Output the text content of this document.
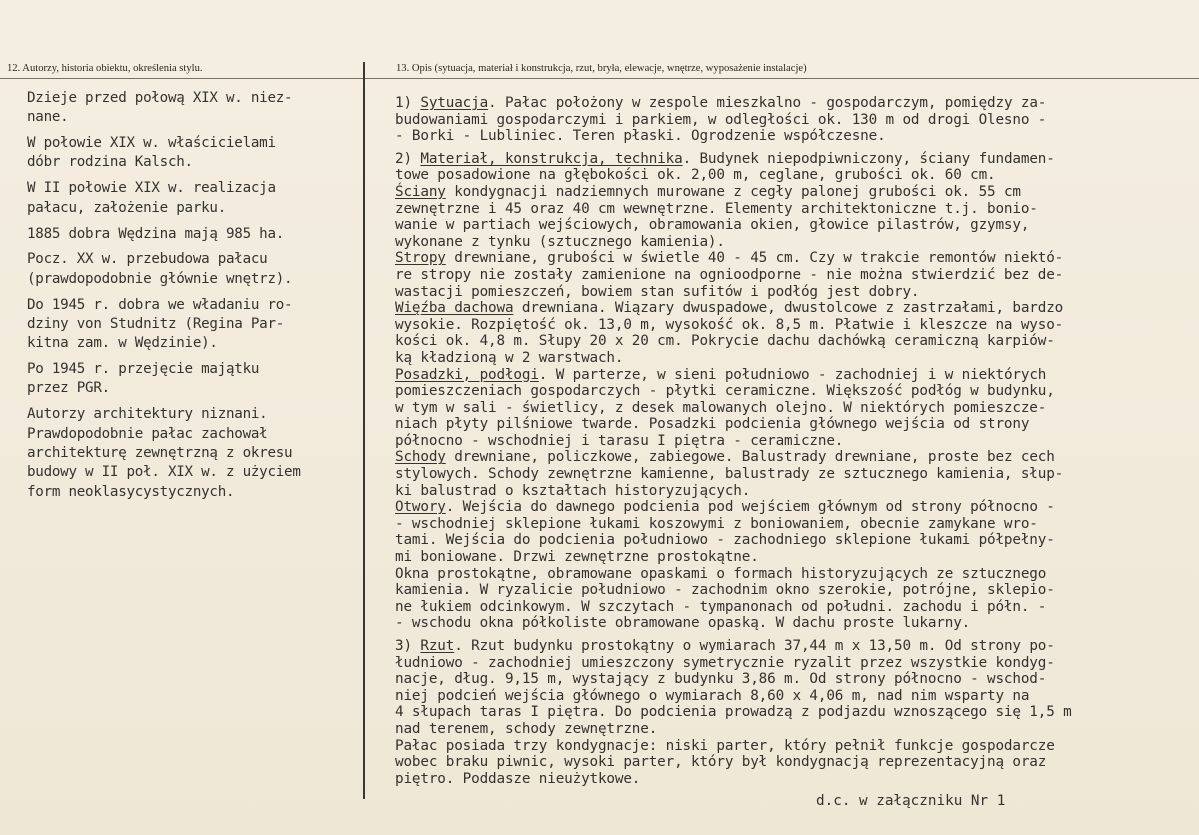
12. Autorzy, historia obiektu, określenia stylu.	13. Opis (sytuacja, materiał i konstrukcja, rzut, bryła, elewacje, wnętrze, wyposażenie instalacje)
Dzieje przed połową XIX w. niez-
nane.
W połowie XIX w. właścicielami
dóbr rodzina Kalsch.
W II połowie XIX w. realizacja
pałacu, założenie parku.
1885 dobra Wędzina mają 985 ha.
Pocz. XX w. przebudowa pałacu
(prawdopodobnie głównie wnętrz).
Do 1945 r. dobra we władaniu ro-
dziny von Studnitz (Regina Par-
kitna zam. w Wędzinie).
Po 1945 r. przejęcie majątku
przez PGR.
Autorzy architektury niznani.
Prawdopodobnie pałac zachował
architekturę zewnętrzną z okresu
budowy w II poł. XIX w. z użyciem
form neoklasycystycznych.
1) Sytuacja. Pałac położony w zespole mieszkalno - gospodarczym, pomiędzy za-
budowaniami gospodarczymi i parkiem, w odległości ok. 130 m od drogi Olesno -
- Borki - Lubliniec. Teren płaski. Ogrodzenie współczesne.
2) Materiał, konstrukcja, technika. Budynek niepodpiwniczony, ściany fundamen-
towe posadowione na głębokości ok. 2,00 m, ceglane, grubości ok. 60 cm.
Ściany kondygnacji nadziemnych murowane z cegły palonej grubości ok. 55 cm
zewnętrzne i 45 oraz 40 cm wewnętrzne. Elementy architektoniczne t.j. bonio-
wanie w partiach wejściowych, obramowania okien, głowice pilastrów, gzymsy,
wykonane z tynku (sztucznego kamienia).
Stropy drewniane, grubości w świetle 40 - 45 cm. Czy w trakcie remontów niektó-
re stropy nie zostały zamienione na ognioodporne - nie można stwierdzić bez de-
wastacji pomieszczeń, bowiem stan sufitów i podłóg jest dobry.
Więźba dachowa drewniana. Wiązary dwuspadowe, dwustolcowe z zastrzałami, bardzo
wysokie. Rozpiętość ok. 13,0 m, wysokość ok. 8,5 m. Płatwie i kleszcze na wyso-
kości ok. 4,8 m. Słupy 20 x 20 cm. Pokrycie dachu dachówką ceramiczną karpiów-
ką kładzioną w 2 warstwach.
Posadzki, podłogi. W parterze, w sieni południowo - zachodniej i w niektórych
pomieszczeniach gospodarczych - płytki ceramiczne. Większość podłóg w budynku,
w tym w sali - świetlicy, z desek malowanych olejno. W niektórych pomieszcze-
niach płyty pilśniowe twarde. Posadzki podcienia głównego wejścia od strony
północno - wschodniej i tarasu I piętra - ceramiczne.
Schody drewniane, policzkowe, zabiegowe. Balustrady drewniane, proste bez cech
stylowych. Schody zewnętrzne kamienne, balustrady ze sztucznego kamienia, słup-
ki balustrad o kształtach historyzujących.
Otwory. Wejścia do dawnego podcienia pod wejściem głównym od strony północno -
- wschodniej sklepione łukami koszowymi z boniowaniem, obecnie zamykane wro-
tami. Wejścia do podcienia południowo - zachodniego sklepione łukami półpełny-
mi boniowane. Drzwi zewnętrzne prostokątne.
Okna prostokątne, obramowane opaskami o formach historyzujących ze sztucznego
kamienia. W ryzalicie południowo - zachodnim okno szerokie, potrójne, sklepio-
ne łukiem odcinkowym. W szczytach - tympanonach od południ. zachodu i półn. -
- wschodu okna półkoliste obramowane opaską. W dachu proste lukarny.
3) Rzut. Rzut budynku prostokątny o wymiarach 37,44 m x 13,50 m. Od strony po-
łudniowo - zachodniej umieszczony symetrycznie ryzalit przez wszystkie kondyg-
nacje, dług. 9,15 m, wystający z budynku 3,86 m. Od strony północno - wschod-
niej podcień wejścia głównego o wymiarach 8,60 x 4,06 m, nad nim wsparty na
4 słupach taras I piętra. Do podcienia prowadzą z podjazdu wznoszącego się 1,5 m
nad terenem, schody zewnętrzne.
Pałac posiada trzy kondygnacje: niski parter, który pełnił funkcje gospodarcze
wobec braku piwnic, wysoki parter, który był kondygnacją reprezentacyjną oraz
piętro. Poddasze nieużytkowe.
d.c. w załączniku Nr 1
